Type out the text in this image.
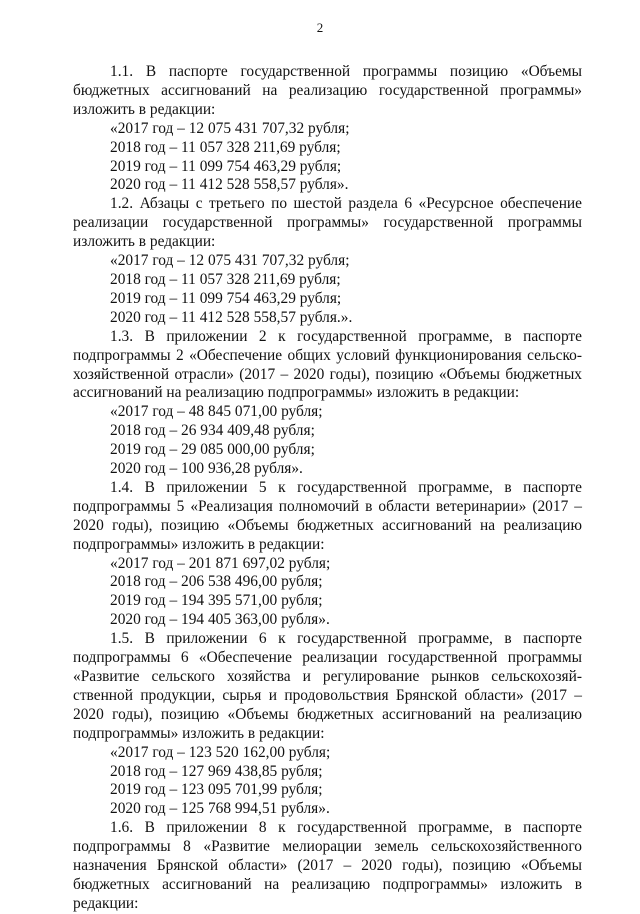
2

1.1. В паспорте государственной программы позицию «Объемы
бюджетных ассигнований на реализацию государственной программы»
изложить в редакции:

«2017 год – 12 075 431 707,32 рубля;

2018 год – 11 057 328 211,69 рубля;

2019 год – 11 099 754 463,29 рубля;

2020 год – 11 412 528 558,57 рубля».

1.2. Абзацы с третьего по шестой раздела 6 «Ресурсное обеспечение
реализации государственной программы» государственной программы
изложить в редакции:

«2017 год – 12 075 431 707,32 рубля;

2018 год – 11 057 328 211,69 рубля;

2019 год – 11 099 754 463,29 рубля;

2020 год – 11 412 528 558,57 рубля.».

1.3. В приложении 2 к государственной программе, в паспорте
подпрограммы 2 «Обеспечение общих условий функционирования сельско-
хозяйственной отрасли» (2017 – 2020 годы), позицию «Объемы бюджетных
ассигнований на реализацию подпрограммы» изложить в редакции:

«2017 год – 48 845 071,00 рубля;

2018 год – 26 934 409,48 рубля;

2019 год – 29 085 000,00 рубля;

2020 год – 100 936,28 рубля».

1.4. В приложении 5 к государственной программе, в паспорте
подпрограммы 5 «Реализация полномочий в области ветеринарии» (2017 –
2020 годы), позицию «Объемы бюджетных ассигнований на реализацию
подпрограммы» изложить в редакции:

«2017 год – 201 871 697,02 рубля;

2018 год – 206 538 496,00 рубля;

2019 год – 194 395 571,00 рубля;

2020 год – 194 405 363,00 рубля».

1.5. В приложении 6 к государственной программе, в паспорте
подпрограммы 6 «Обеспечение реализации государственной программы
«Развитие сельского хозяйства и регулирование рынков сельскохозяй-
ственной продукции, сырья и продовольствия Брянской области» (2017 –
2020 годы), позицию «Объемы бюджетных ассигнований на реализацию
подпрограммы» изложить в редакции:

«2017 год – 123 520 162,00 рубля;

2018 год – 127 969 438,85 рубля;

2019 год – 123 095 701,99 рубля;

2020 год – 125 768 994,51 рубля».

1.6. В приложении 8 к государственной программе, в паспорте
подпрограммы 8 «Развитие мелиорации земель сельскохозяйственного
назначения Брянской области» (2017 – 2020 годы), позицию «Объемы
бюджетных ассигнований на реализацию подпрограммы» изложить в
редакции:
